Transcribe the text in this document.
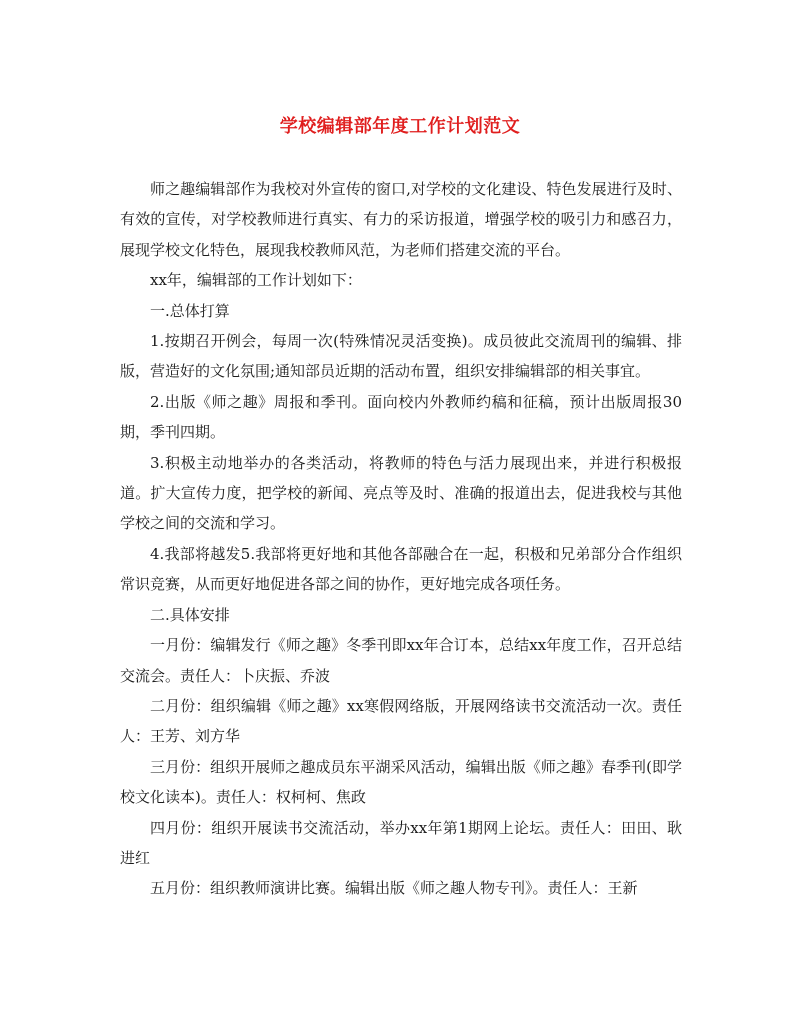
学校编辑部年度工作计划范文

师之趣编辑部作为我校对外宣传的窗口,对学校的文化建设、特色发展进行及时、有效的宣传，对学校教师进行真实、有力的采访报道，增强学校的吸引力和感召力，展现学校文化特色，展现我校教师风范，为老师们搭建交流的平台。

xx年，编辑部的工作计划如下：

一.总体打算

1.按期召开例会，每周一次(特殊情况灵活变换)。成员彼此交流周刊的编辑、排版，营造好的文化氛围;通知部员近期的活动布置，组织安排编辑部的相关事宜。

2.出版《师之趣》周报和季刊。面向校内外教师约稿和征稿，预计出版周报30期，季刊四期。

3.积极主动地举办的各类活动，将教师的特色与活力展现出来，并进行积极报道。扩大宣传力度，把学校的新闻、亮点等及时、准确的报道出去，促进我校与其他学校之间的交流和学习。

4.我部将越发5.我部将更好地和其他各部融合在一起，积极和兄弟部分合作组织常识竞赛，从而更好地促进各部之间的协作，更好地完成各项任务。

二.具体安排

一月份：编辑发行《师之趣》冬季刊即xx年合订本，总结xx年度工作，召开总结交流会。责任人：卜庆振、乔波

二月份：组织编辑《师之趣》xx寒假网络版，开展网络读书交流活动一次。责任人：王芳、刘方华

三月份：组织开展师之趣成员东平湖采风活动，编辑出版《师之趣》春季刊(即学校文化读本)。责任人：权柯柯、焦政

四月份：组织开展读书交流活动，举办xx年第1期网上论坛。责任人：田田、耿进红

五月份：组织教师演讲比赛。编辑出版《师之趣人物专刊》。责任人：王新
